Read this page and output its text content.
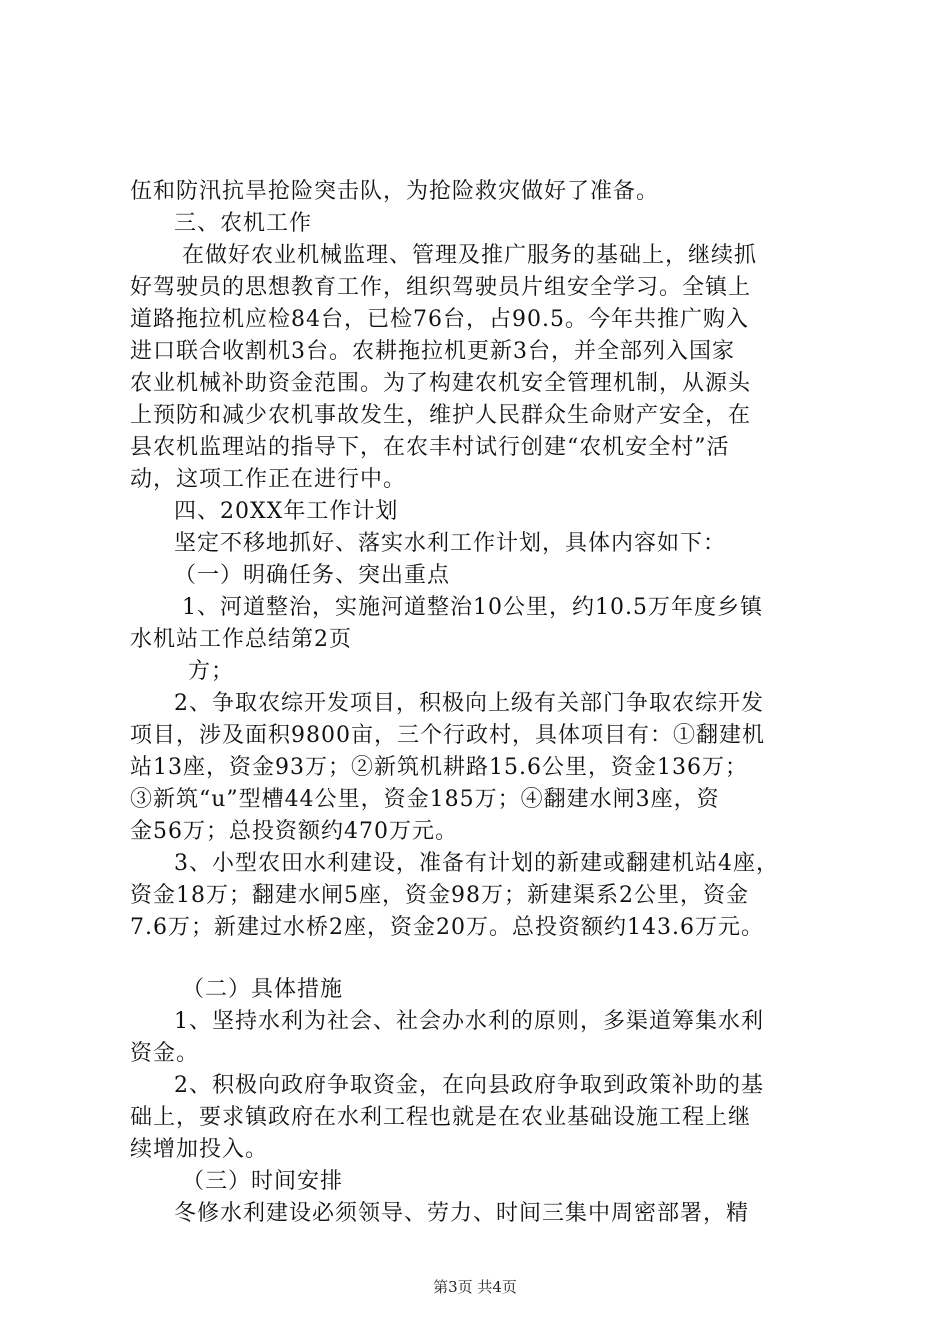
伍和防汛抗旱抢险突击队，为抢险救灾做好了准备。
三、农机工作
在做好农业机械监理、管理及推广服务的基础上，继续抓
好驾驶员的思想教育工作，组织驾驶员片组安全学习。全镇上
道路拖拉机应检84台，已检76台，占90.5。今年共推广购入
进口联合收割机3台。农耕拖拉机更新3台，并全部列入国家
农业机械补助资金范围。为了构建农机安全管理机制，从源头
上预防和减少农机事故发生，维护人民群众生命财产安全，在
县农机监理站的指导下，在农丰村试行创建“农机安全村”活
动，这项工作正在进行中。
四、20XX年工作计划
坚定不移地抓好、落实水利工作计划，具体内容如下：
（一）明确任务、突出重点
1、河道整治，实施河道整治10公里，约10.5万年度乡镇
水机站工作总结第2页
方；
2、争取农综开发项目，积极向上级有关部门争取农综开发
项目，涉及面积9800亩，三个行政村，具体项目有：①翻建机
站13座，资金93万；②新筑机耕路15.6公里，资金136万；
③新筑“u”型槽44公里，资金185万；④翻建水闸3座，资
金56万；总投资额约470万元。
3、小型农田水利建设，准备有计划的新建或翻建机站4座，
资金18万；翻建水闸5座，资金98万；新建渠系2公里，资金
7.6万；新建过水桥2座，资金20万。总投资额约143.6万元。
（二）具体措施
1、坚持水利为社会、社会办水利的原则，多渠道筹集水利
资金。
2、积极向政府争取资金，在向县政府争取到政策补助的基
础上，要求镇政府在水利工程也就是在农业基础设施工程上继
续增加投入。
（三）时间安排
冬修水利建设必须领导、劳力、时间三集中周密部署，精
第3页 共4页
